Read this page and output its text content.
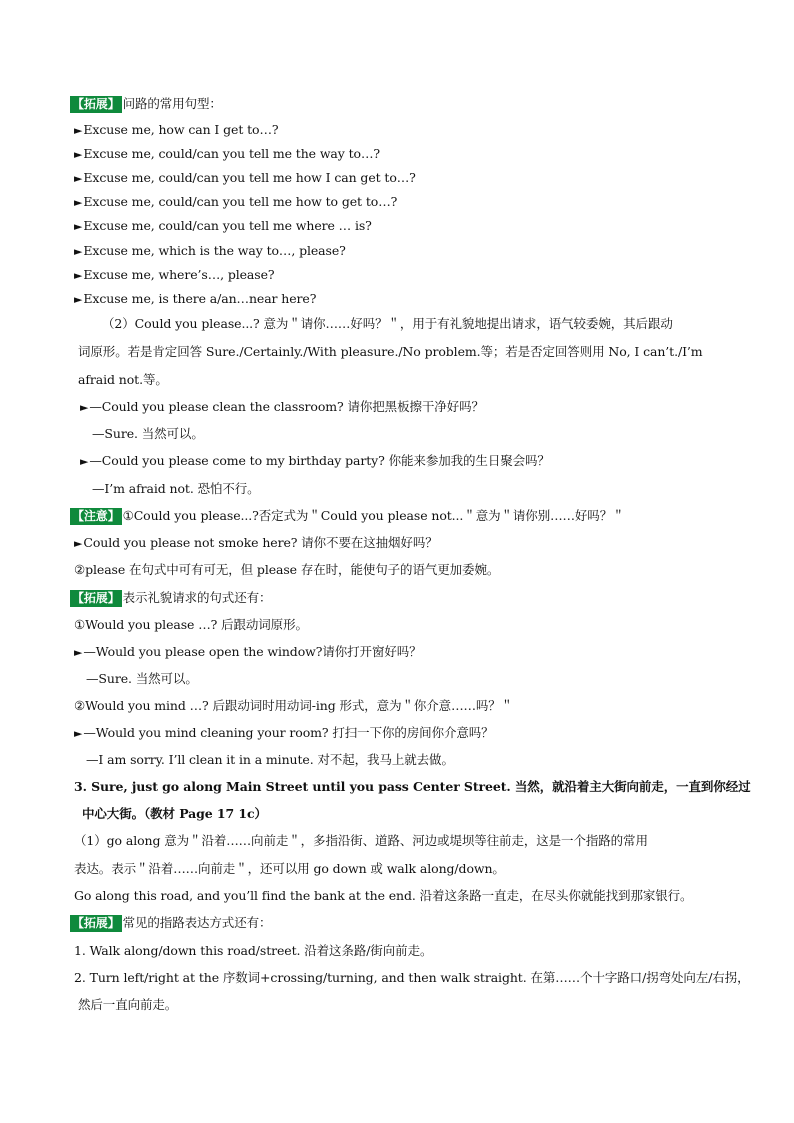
【拓展】 问路的常用句型：
►Excuse me, how can I get to…?
►Excuse me, could/can you tell me the way to…?
►Excuse me, could/can you tell me how I can get to…?
►Excuse me, could/can you tell me how to get to…?
►Excuse me, could/can you tell me where … is?
►Excuse me, which is the way to…, please?
►Excuse me, where’s…, please?
►Excuse me, is there a/an…near here?
（2）Could you please...? 意为＂请你……好吗？＂，用于有礼貌地提出请求，语气较委婉，其后跟动
词原形。若是肯定回答 Sure./Certainly./With pleasure./No problem.等；若是否定回答则用 No, I can’t./I’m
afraid not.等。
►—Could you please clean the classroom? 请你把黑板擦干净好吗？
—Sure. 当然可以。
►—Could you please come to my birthday party? 你能来参加我的生日聚会吗？
—I’m afraid not. 恐怕不行。
【注意】 ①Could you please...?否定式为＂Could you please not...＂意为＂请你别……好吗？＂
►Could you please not smoke here? 请你不要在这抽烟好吗？
②please 在句式中可有可无，但 please 存在时，能使句子的语气更加委婉。
【拓展】 表示礼貌请求的句式还有：
①Would you please …? 后跟动词原形。
►—Would you please open the window?请你打开窗好吗？
—Sure. 当然可以。
②Would you mind …? 后跟动词时用动词-ing 形式，意为＂你介意……吗？＂
►—Would you mind cleaning your room? 打扫一下你的房间你介意吗？
—I am sorry. I’ll clean it in a minute. 对不起，我马上就去做。
3. Sure, just go along Main Street until you pass Center Street. 当然，就沿着主大街向前走，一直到你经过
中心大街。（教材 Page 17 1c）
（1）go along 意为＂沿着……向前走＂，多指沿街、道路、河边或堤坝等往前走，这是一个指路的常用
表达。表示＂沿着……向前走＂，还可以用 go down 或 walk along/down。
Go along this road, and you’ll find the bank at the end. 沿着这条路一直走，在尽头你就能找到那家银行。
【拓展】 常见的指路表达方式还有：
1. Walk along/down this road/street. 沿着这条路/街向前走。
2. Turn left/right at the 序数词+crossing/turning, and then walk straight. 在第……个十字路口/拐弯处向左/右拐，
然后一直向前走。
